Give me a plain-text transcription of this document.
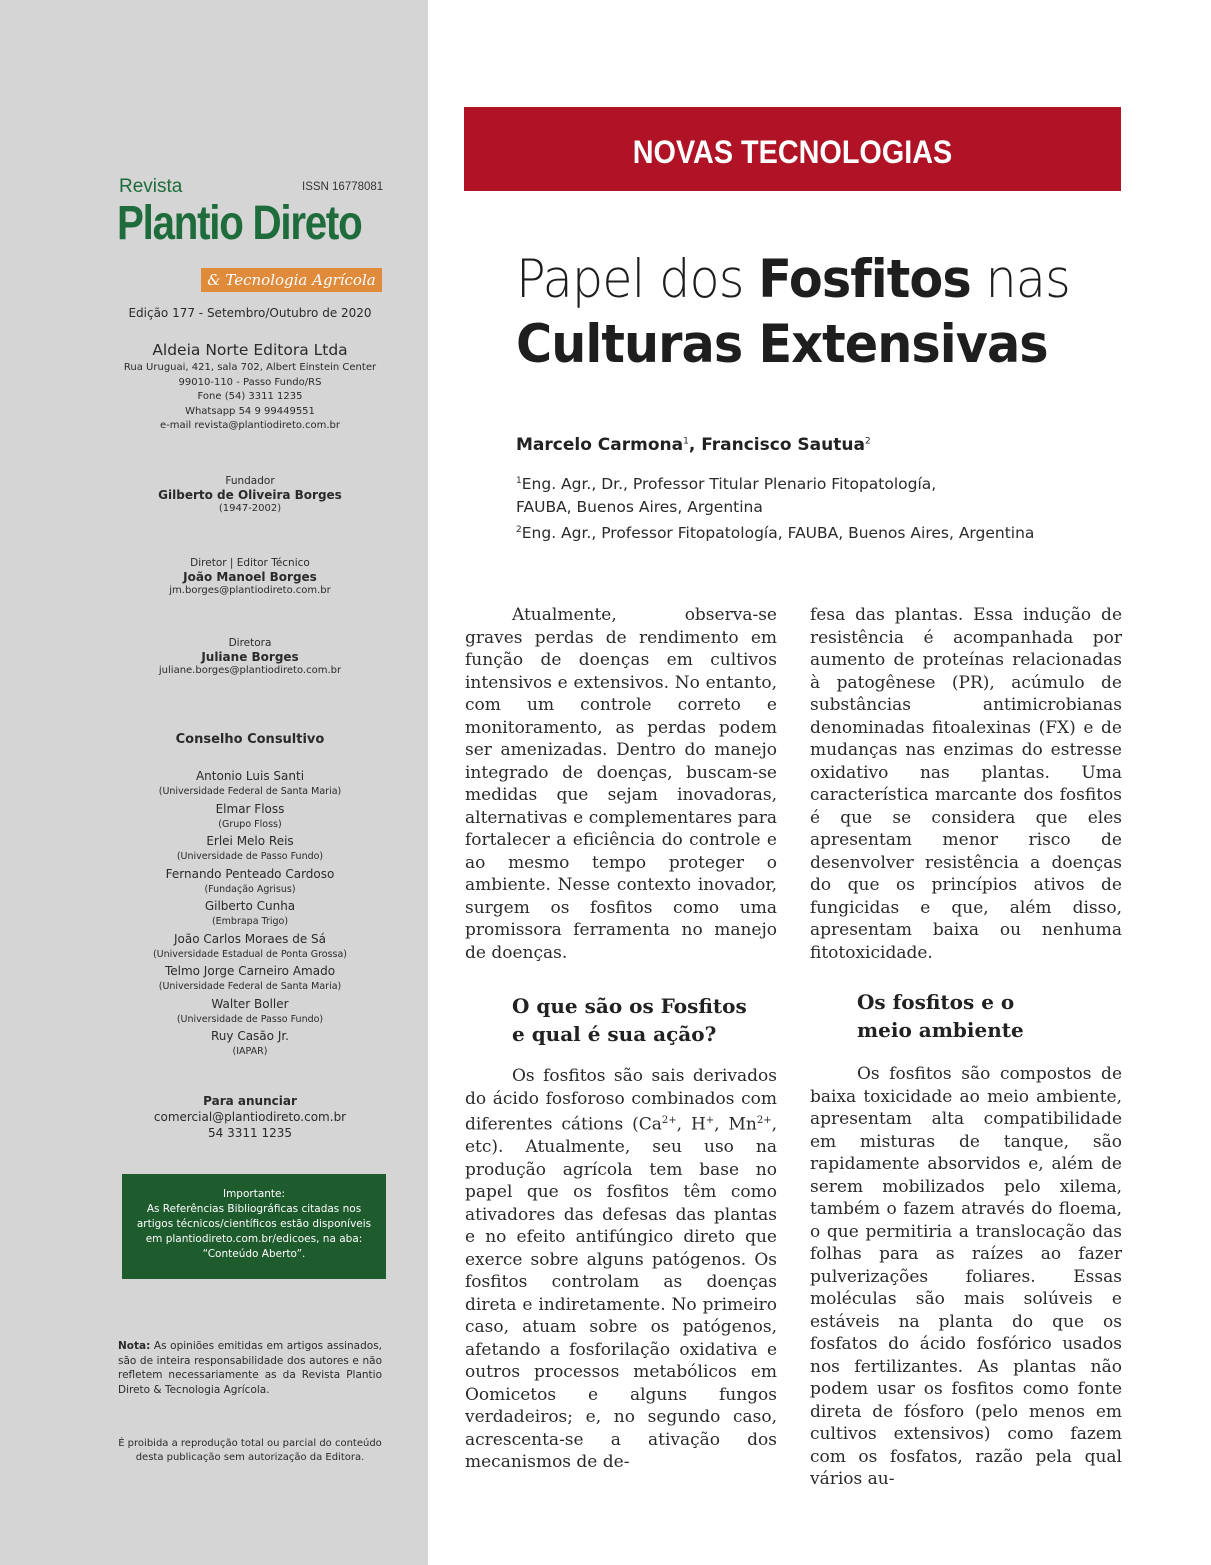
Revista	ISSN 16778081
Plantio Direto
& Tecnologia Agrícola
Edição 177 - Setembro/Outubro de 2020
Aldeia Norte Editora Ltda
Rua Uruguai, 421, sala 702, Albert Einstein Center
99010-110 - Passo Fundo/RS
Fone (54) 3311 1235
Whatsapp 54 9 99449551
e-mail revista@plantiodireto.com.br
Fundador
Gilberto de Oliveira Borges
(1947-2002)
Diretor | Editor Técnico
João Manoel Borges
jm.borges@plantiodireto.com.br
Diretora
Juliane Borges
juliane.borges@plantiodireto.com.br
Conselho Consultivo
Antonio Luis Santi
(Universidade Federal de Santa Maria)
Elmar Floss
(Grupo Floss)
Erlei Melo Reis
(Universidade de Passo Fundo)
Fernando Penteado Cardoso
(Fundação Agrisus)
Gilberto Cunha
(Embrapa Trigo)
João Carlos Moraes de Sá
(Universidade Estadual de Ponta Grossa)
Telmo Jorge Carneiro Amado
(Universidade Federal de Santa Maria)
Walter Boller
(Universidade de Passo Fundo)
Ruy Casão Jr.
(IAPAR)
Para anunciar
comercial@plantiodireto.com.br
54 3311 1235
Importante:
As Referências Bibliográficas citadas nos artigos técnicos/científicos estão disponíveis em plantiodireto.com.br/edicoes, na aba: “Conteúdo Aberto”.
Nota: As opiniões emitidas em artigos assinados, são de inteira responsabilidade dos autores e não refletem necessariamente as da Revista Plantio Direto & Tecnologia Agrícola.
É proibida a reprodução total ou parcial do conteúdo desta publicação sem autorização da Editora.
NOVAS TECNOLOGIAS
Papel dos Fosfitos nas
Culturas Extensivas
Marcelo Carmona$^1$, Francisco Sautua$^2$
$^1$Eng. Agr., Dr., Professor Titular Plenario Fitopatología,
FAUBA, Buenos Aires, Argentina
$^2$Eng. Agr., Professor Fitopatología, FAUBA, Buenos Aires, Argentina

Atualmente, observa-se graves perdas de rendimento em função de doenças em cultivos intensivos e extensivos. No entanto, com um controle correto e monitoramento, as perdas podem ser amenizadas. Dentro do manejo integrado de doenças, buscam-se medidas que sejam inovadoras, alternativas e complementares para fortalecer a eficiência do controle e ao mesmo tempo proteger o ambiente. Nesse contexto inovador, surgem os fosfitos como uma promissora ferramenta no manejo de doenças.

O que são os Fosfitos
e qual é sua ação?

Os fosfitos são sais derivados do ácido fosforoso combinados com diferentes cátions ($Ca^{2+}$, H+, $Mn^{2+}$, etc). Atualmente, seu uso na produção agrícola tem base no papel que os fosfitos têm como ativadores das defesas das plantas e no efeito antifúngico direto que exerce sobre alguns patógenos. Os fosfitos controlam as doenças direta e indiretamente. No primeiro caso, atuam sobre os patógenos, afetando a fosforilação oxidativa e outros processos metabólicos em Oomicetos e alguns fungos verdadeiros; e, no segundo caso, acrescenta-se a ativação dos mecanismos de de-

fesa das plantas. Essa indução de resistência é acompanhada por aumento de proteínas relacionadas à patogênese (PR), acúmulo de substâncias antimicrobianas denominadas fitoalexinas (FX) e de mudanças nas enzimas do estresse oxidativo nas plantas. Uma característica marcante dos fosfitos é que se considera que eles apresentam menor risco de desenvolver resistência a doenças do que os princípios ativos de fungicidas e que, além disso, apresentam baixa ou nenhuma fitotoxicidade.

Os fosfitos e o
meio ambiente

Os fosfitos são compostos de baixa toxicidade ao meio ambiente, apresentam alta compatibilidade em misturas de tanque, são rapidamente absorvidos e, além de serem mobilizados pelo xilema, também o fazem através do floema, o que permitiria a translocação das folhas para as raízes ao fazer pulverizações foliares. Essas moléculas são mais solúveis e estáveis na planta do que os fosfatos do ácido fosfórico usados nos fertilizantes. As plantas não podem usar os fosfitos como fonte direta de fósforo (pelo menos em cultivos extensivos) como fazem com os fosfatos, razão pela qual vários au-
